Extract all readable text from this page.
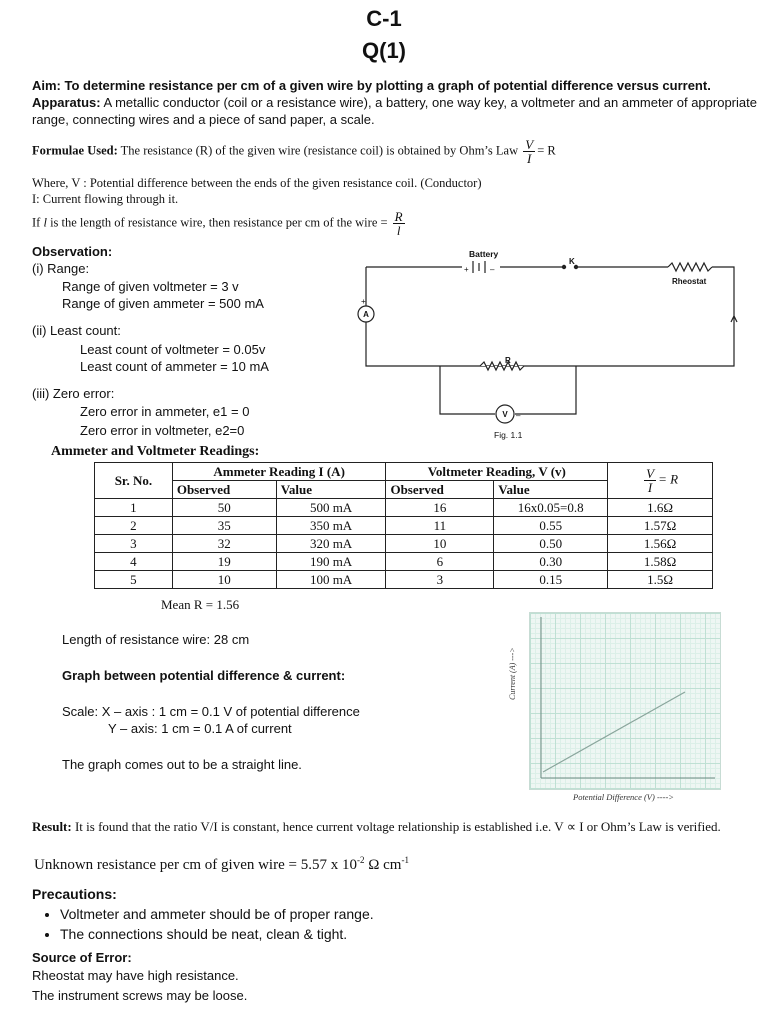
C-1
Q(1)
Aim: To determine resistance per cm of a given wire by plotting a graph of potential difference versus current.
Apparatus: A metallic conductor (coil or a resistance wire), a battery, one way key, a voltmeter and an ammeter of appropriate range, connecting wires and a piece of sand paper, a scale.
Formulae Used: The resistance (R) of the given wire (resistance coil) is obtained by Ohm’s Law $\frac{V}{I} = R$
Where, V : Potential difference between the ends of the given resistance coil. (Conductor)
I: Current flowing through it.
If l is the length of resistance wire, then resistance per cm of the wire = $\frac{R}{l}$
Observation:
(i) Range:
Range of given voltmeter = 3 v
Range of given ammeter = 500 mA
(ii) Least count:
Least count of voltmeter = 0.05v
Least count of ammeter = 10 mA
(iii) Zero error:
Zero error in ammeter, e1 = 0
Zero error in voltmeter, e2=0
Battery
K
Rheostat
A
+
+	–
R
V –
Fig. 1.1
Ammeter and Voltmeter Readings:
Sr. No.	Ammeter Reading I (A)		Voltmeter Reading, V (v)		$\frac{V}{I} = R$
	Observed	Value	Observed	Value	
1	50	500 mA	16	16x0.05=0.8	1.6Ω
2	35	350 mA	11	0.55	1.57Ω
3	32	320 mA	10	0.50	1.56Ω
4	19	190 mA	6	0.30	1.58Ω
5	10	100 mA	3	0.15	1.5Ω
Mean R = 1.56
Length of resistance wire: 28 cm
Graph between potential difference & current:
Scale: X – axis : 1 cm = 0.1 V of potential difference
Y – axis: 1 cm = 0.1 A of current
The graph comes out to be a straight line.
Current (A) --->
Potential Difference (V) ---->
Result: It is found that the ratio V/I is constant, hence current voltage relationship is established i.e. V ∝ I or Ohm’s Law is verified.
Unknown resistance per cm of given wire = 5.57 x $10^{-2}$ Ω $cm^{-1}$
Precautions:
• Voltmeter and ammeter should be of proper range.
• The connections should be neat, clean & tight.
Source of Error:
Rheostat may have high resistance.
The instrument screws may be loose.
